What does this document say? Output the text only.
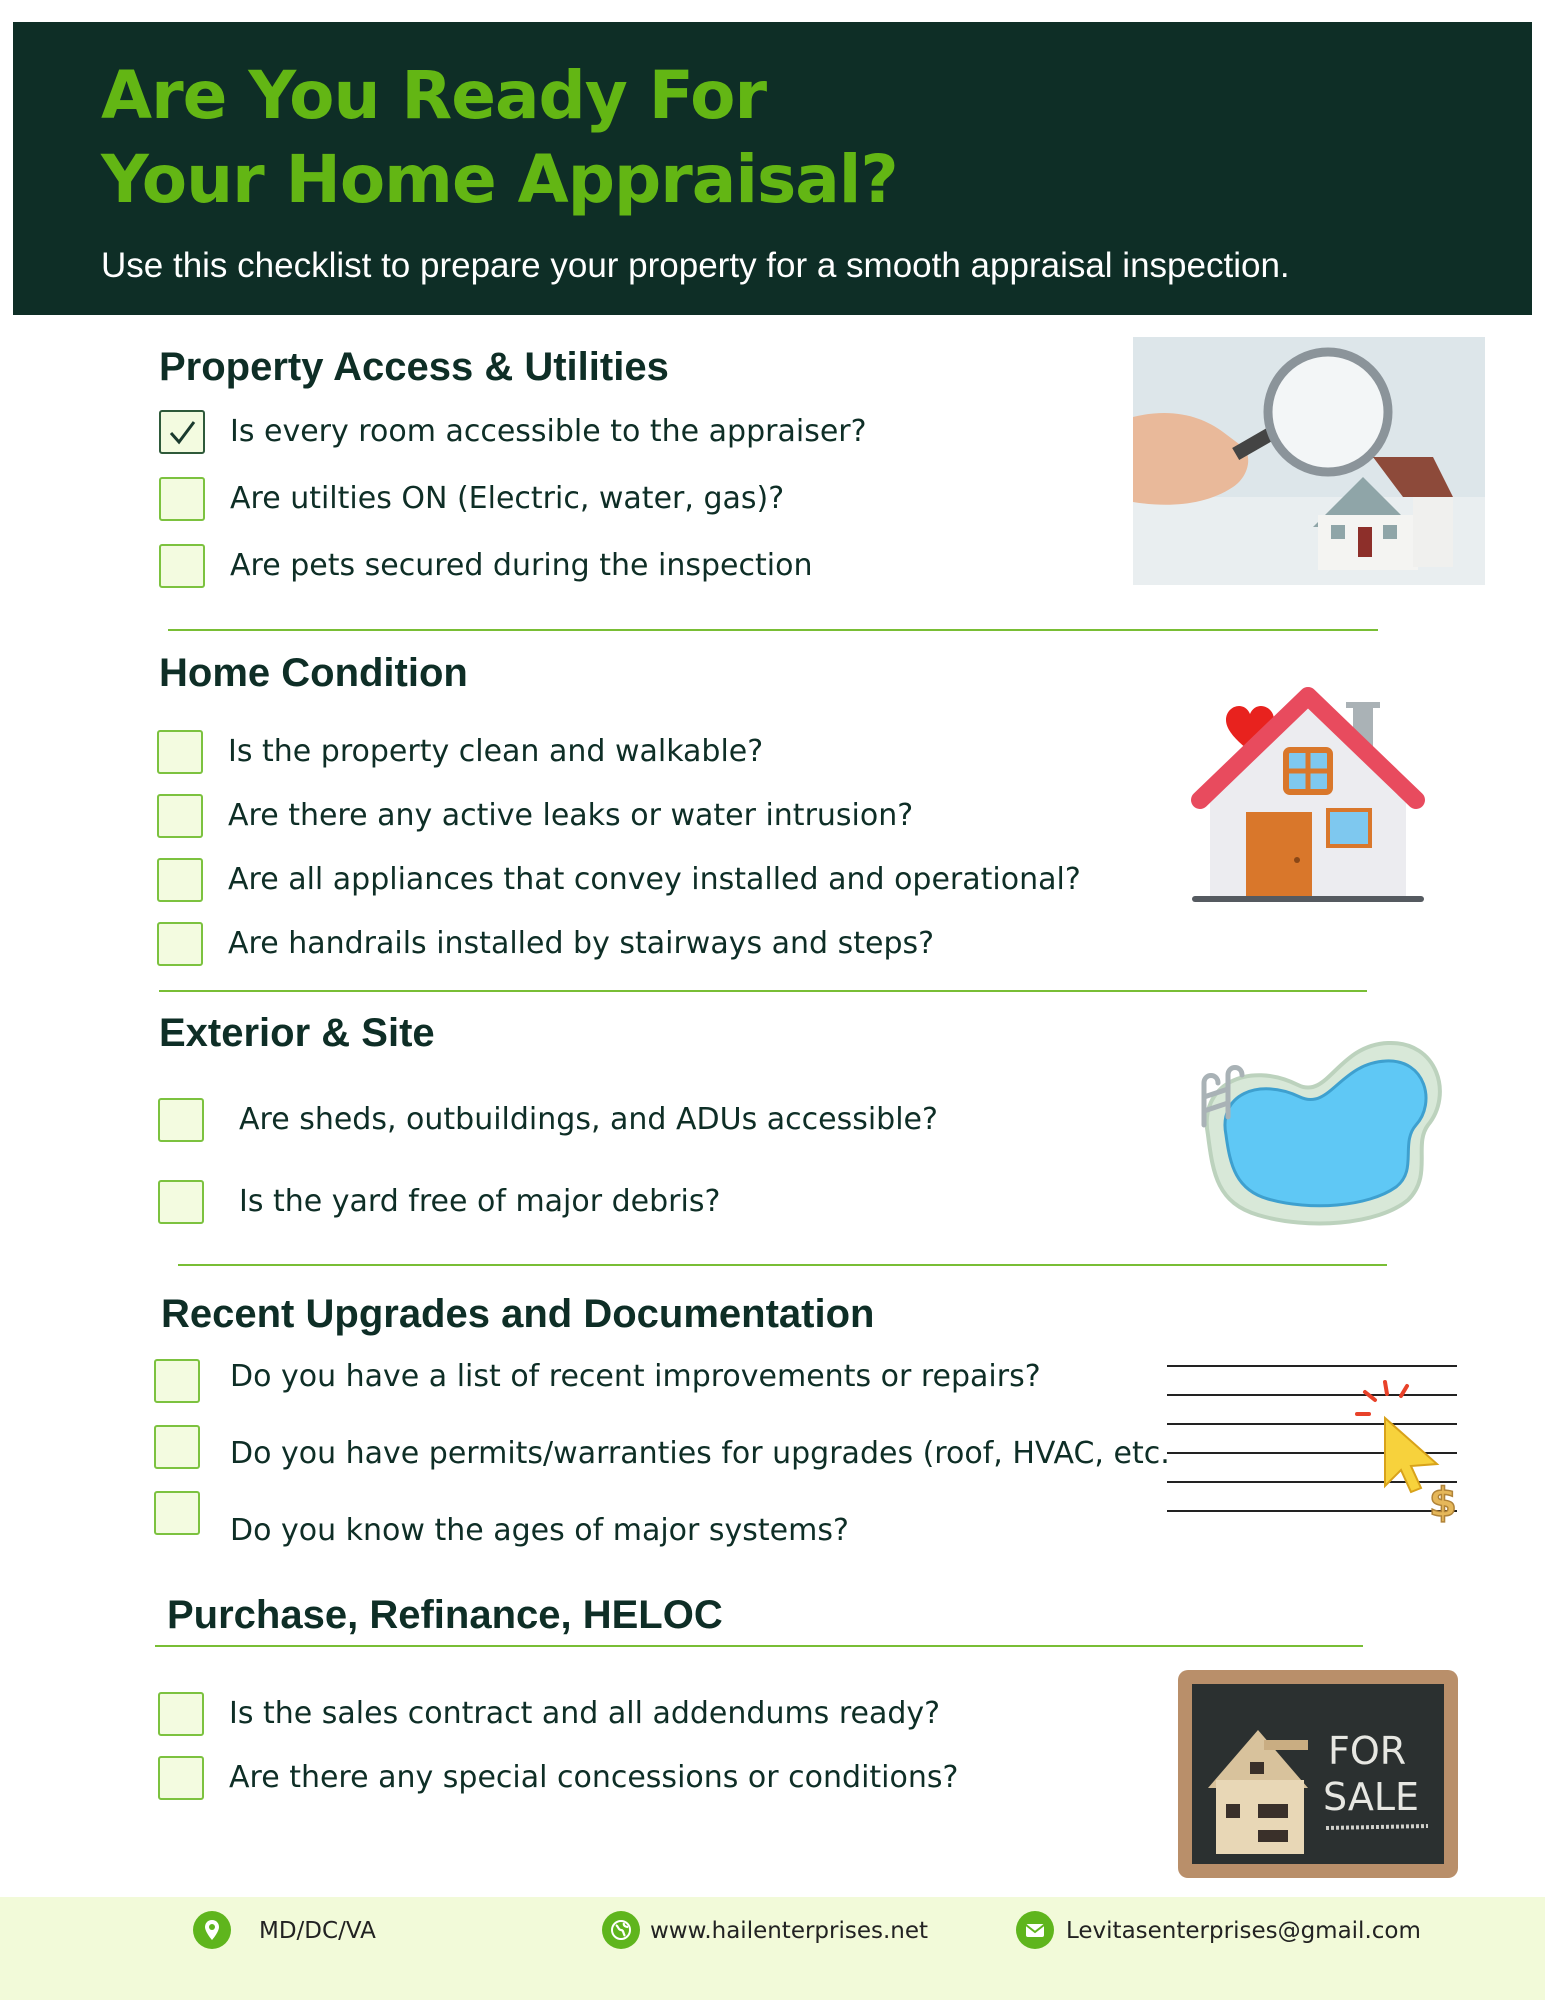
Are You Ready For
Your Home Appraisal?
Use this checklist to prepare your property for a smooth appraisal inspection.
Property Access & Utilities
Is every room accessible to the appraiser?
Are utilties ON (Electric, water, gas)?
Are pets secured during the inspection
Home Condition
Is the property clean and walkable?
Are there any active leaks or water intrusion?
Are all appliances that convey installed and operational?
Are handrails installed by stairways and steps?
Exterior & Site
Are sheds, outbuildings, and ADUs accessible?
Is the yard free of major debris?
Recent Upgrades and Documentation
Do you have a list of recent improvements or repairs?
Do you have permits/warranties for upgrades (roof, HVAC, etc.
Do you know the ages of major systems?
$
Purchase, Refinance, HELOC
Is the sales contract and all addendums ready?
Are there any special concessions or conditions?
FOR
SALE
MD/DC/VA	www.hailenterprises.net	Levitasenterprises@gmail.com
